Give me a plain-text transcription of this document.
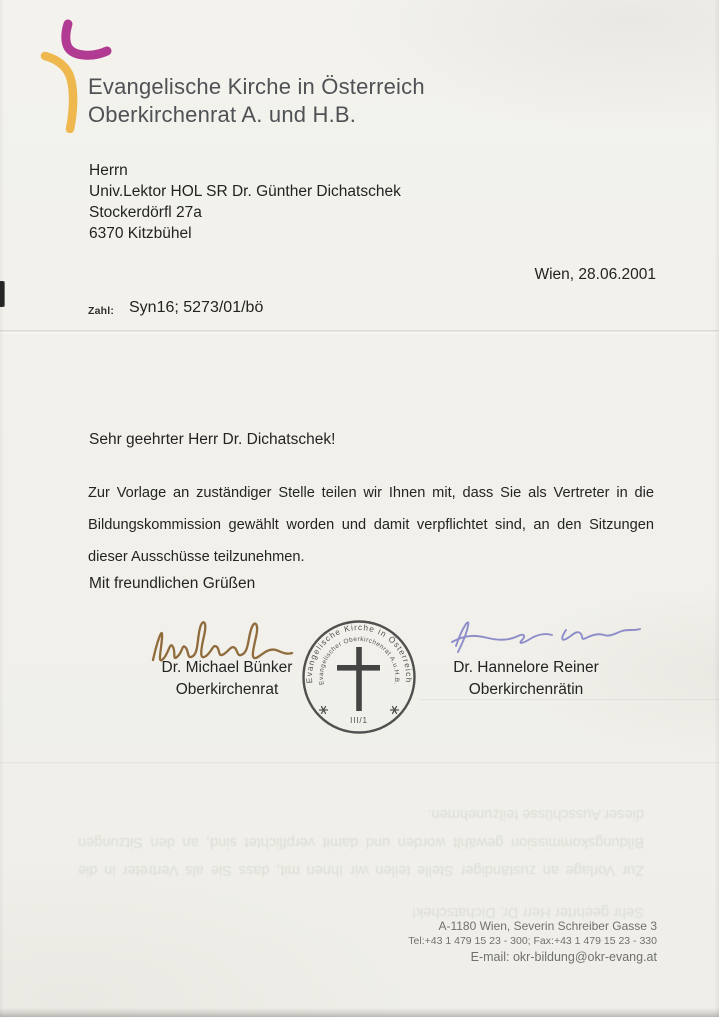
Evangelische Kirche in Österreich
Oberkirchenrat A. und H.B.
Herrn
Univ.Lektor HOL SR Dr. Günther Dichatschek
Stockerdörfl 27a
6370 Kitzbühel
Wien, 28.06.2001
Zahl: Syn16; 5273/01/bö
Sehr geehrter Herr Dr. Dichatschek!
Zur Vorlage an zuständiger Stelle teilen wir Ihnen mit, dass Sie als Vertreter in die
Bildungskommission gewählt worden und damit verpflichtet sind, an den Sitzungen
dieser Ausschüsse teilzunehmen.
Mit freundlichen Grüßen
Dr. Michael Bünker
Oberkirchenrat
Evangelische Kirche in Österreich
Evangelischer Oberkirchenrat A.u.H.B.
III/1
Dr. Hannelore Reiner
Oberkirchenrätin
Sehr geehrter Herr Dr. Dichatschek!
Zur Vorlage an zuständiger Stelle teilen wir Ihnen mit, dass Sie als Vertreter in die
Bildungskommission gewählt worden und damit verpflichtet sind, an den Sitzungen
dieser Ausschüsse teilzunehmen.
A-1180 Wien, Severin Schreiber Gasse 3
Tel:+43 1 479 15 23 - 300; Fax:+43 1 479 15 23 - 330
E-mail: okr-bildung@okr-evang.at
